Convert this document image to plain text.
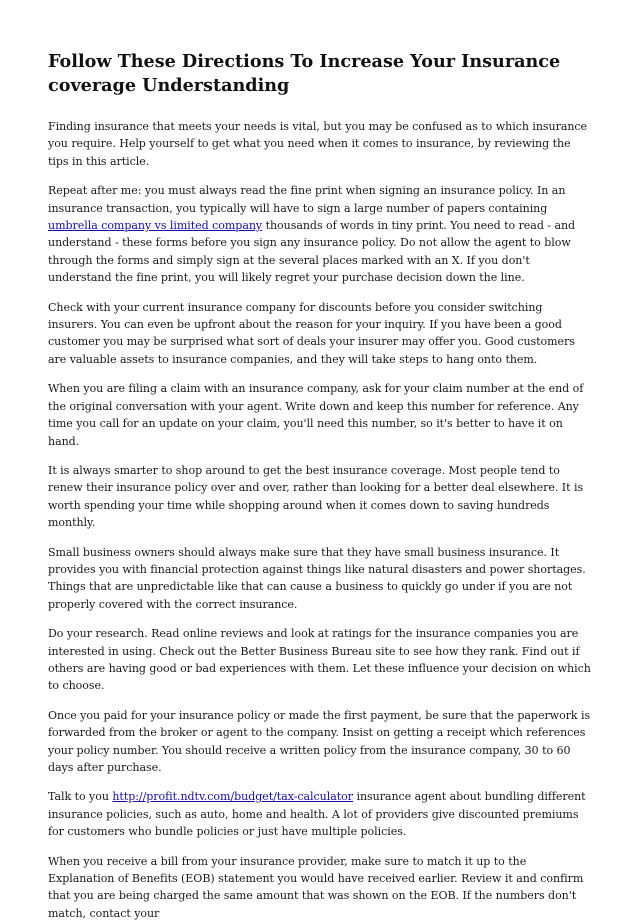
Follow These Directions To Increase Your Insurance coverage Understanding

Finding insurance that meets your needs is vital, but you may be confused as to which insurance you require. Help yourself to get what you need when it comes to insurance, by reviewing the tips in this article.

Repeat after me: you must always read the fine print when signing an insurance policy. In an insurance transaction, you typically will have to sign a large number of papers containing umbrella company vs limited company thousands of words in tiny print. You need to read - and understand - these forms before you sign any insurance policy. Do not allow the agent to blow through the forms and simply sign at the several places marked with an X. If you don't understand the fine print, you will likely regret your purchase decision down the line.

Check with your current insurance company for discounts before you consider switching insurers. You can even be upfront about the reason for your inquiry. If you have been a good customer you may be surprised what sort of deals your insurer may offer you. Good customers are valuable assets to insurance companies, and they will take steps to hang onto them.

When you are filing a claim with an insurance company, ask for your claim number at the end of the original conversation with your agent. Write down and keep this number for reference. Any time you call for an update on your claim, you'll need this number, so it's better to have it on hand.

It is always smarter to shop around to get the best insurance coverage. Most people tend to renew their insurance policy over and over, rather than looking for a better deal elsewhere. It is worth spending your time while shopping around when it comes down to saving hundreds monthly.

Small business owners should always make sure that they have small business insurance. It provides you with financial protection against things like natural disasters and power shortages. Things that are unpredictable like that can cause a business to quickly go under if you are not properly covered with the correct insurance.

Do your research. Read online reviews and look at ratings for the insurance companies you are interested in using. Check out the Better Business Bureau site to see how they rank. Find out if others are having good or bad experiences with them. Let these influence your decision on which to choose.

Once you paid for your insurance policy or made the first payment, be sure that the paperwork is forwarded from the broker or agent to the company. Insist on getting a receipt which references your policy number. You should receive a written policy from the insurance company, 30 to 60 days after purchase.

Talk to you http://profit.ndtv.com/budget/tax-calculator insurance agent about bundling different insurance policies, such as auto, home and health. A lot of providers give discounted premiums for customers who bundle policies or just have multiple policies.

When you receive a bill from your insurance provider, make sure to match it up to the Explanation of Benefits (EOB) statement you would have received earlier. Review it and confirm that you are being charged the same amount that was shown on the EOB. If the numbers don't match, contact your
